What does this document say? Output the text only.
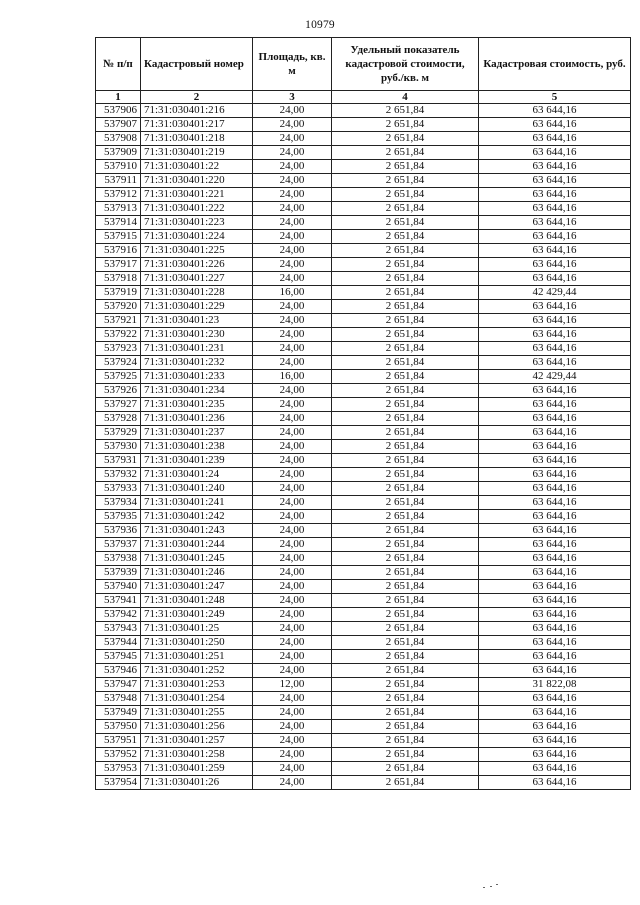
10979
№ п/п	Кадастровый номер	Площадь, кв. м	Удельный показатель кадастровой стоимости, руб./кв. м	Кадастровая стоимость, руб.
1	2	3	4	5
537906	71:31:030401:216	24,00	2 651,84	63 644,16
537907	71:31:030401:217	24,00	2 651,84	63 644,16
537908	71:31:030401:218	24,00	2 651,84	63 644,16
537909	71:31:030401:219	24,00	2 651,84	63 644,16
537910	71:31:030401:22	24,00	2 651,84	63 644,16
537911	71:31:030401:220	24,00	2 651,84	63 644,16
537912	71:31:030401:221	24,00	2 651,84	63 644,16
537913	71:31:030401:222	24,00	2 651,84	63 644,16
537914	71:31:030401:223	24,00	2 651,84	63 644,16
537915	71:31:030401:224	24,00	2 651,84	63 644,16
537916	71:31:030401:225	24,00	2 651,84	63 644,16
537917	71:31:030401:226	24,00	2 651,84	63 644,16
537918	71:31:030401:227	24,00	2 651,84	63 644,16
537919	71:31:030401:228	16,00	2 651,84	42 429,44
537920	71:31:030401:229	24,00	2 651,84	63 644,16
537921	71:31:030401:23	24,00	2 651,84	63 644,16
537922	71:31:030401:230	24,00	2 651,84	63 644,16
537923	71:31:030401:231	24,00	2 651,84	63 644,16
537924	71:31:030401:232	24,00	2 651,84	63 644,16
537925	71:31:030401:233	16,00	2 651,84	42 429,44
537926	71:31:030401:234	24,00	2 651,84	63 644,16
537927	71:31:030401:235	24,00	2 651,84	63 644,16
537928	71:31:030401:236	24,00	2 651,84	63 644,16
537929	71:31:030401:237	24,00	2 651,84	63 644,16
537930	71:31:030401:238	24,00	2 651,84	63 644,16
537931	71:31:030401:239	24,00	2 651,84	63 644,16
537932	71:31:030401:24	24,00	2 651,84	63 644,16
537933	71:31:030401:240	24,00	2 651,84	63 644,16
537934	71:31:030401:241	24,00	2 651,84	63 644,16
537935	71:31:030401:242	24,00	2 651,84	63 644,16
537936	71:31:030401:243	24,00	2 651,84	63 644,16
537937	71:31:030401:244	24,00	2 651,84	63 644,16
537938	71:31:030401:245	24,00	2 651,84	63 644,16
537939	71:31:030401:246	24,00	2 651,84	63 644,16
537940	71:31:030401:247	24,00	2 651,84	63 644,16
537941	71:31:030401:248	24,00	2 651,84	63 644,16
537942	71:31:030401:249	24,00	2 651,84	63 644,16
537943	71:31:030401:25	24,00	2 651,84	63 644,16
537944	71:31:030401:250	24,00	2 651,84	63 644,16
537945	71:31:030401:251	24,00	2 651,84	63 644,16
537946	71:31:030401:252	24,00	2 651,84	63 644,16
537947	71:31:030401:253	12,00	2 651,84	31 822,08
537948	71:31:030401:254	24,00	2 651,84	63 644,16
537949	71:31:030401:255	24,00	2 651,84	63 644,16
537950	71:31:030401:256	24,00	2 651,84	63 644,16
537951	71:31:030401:257	24,00	2 651,84	63 644,16
537952	71:31:030401:258	24,00	2 651,84	63 644,16
537953	71:31:030401:259	24,00	2 651,84	63 644,16
537954	71:31:030401:26	24,00	2 651,84	63 644,16
